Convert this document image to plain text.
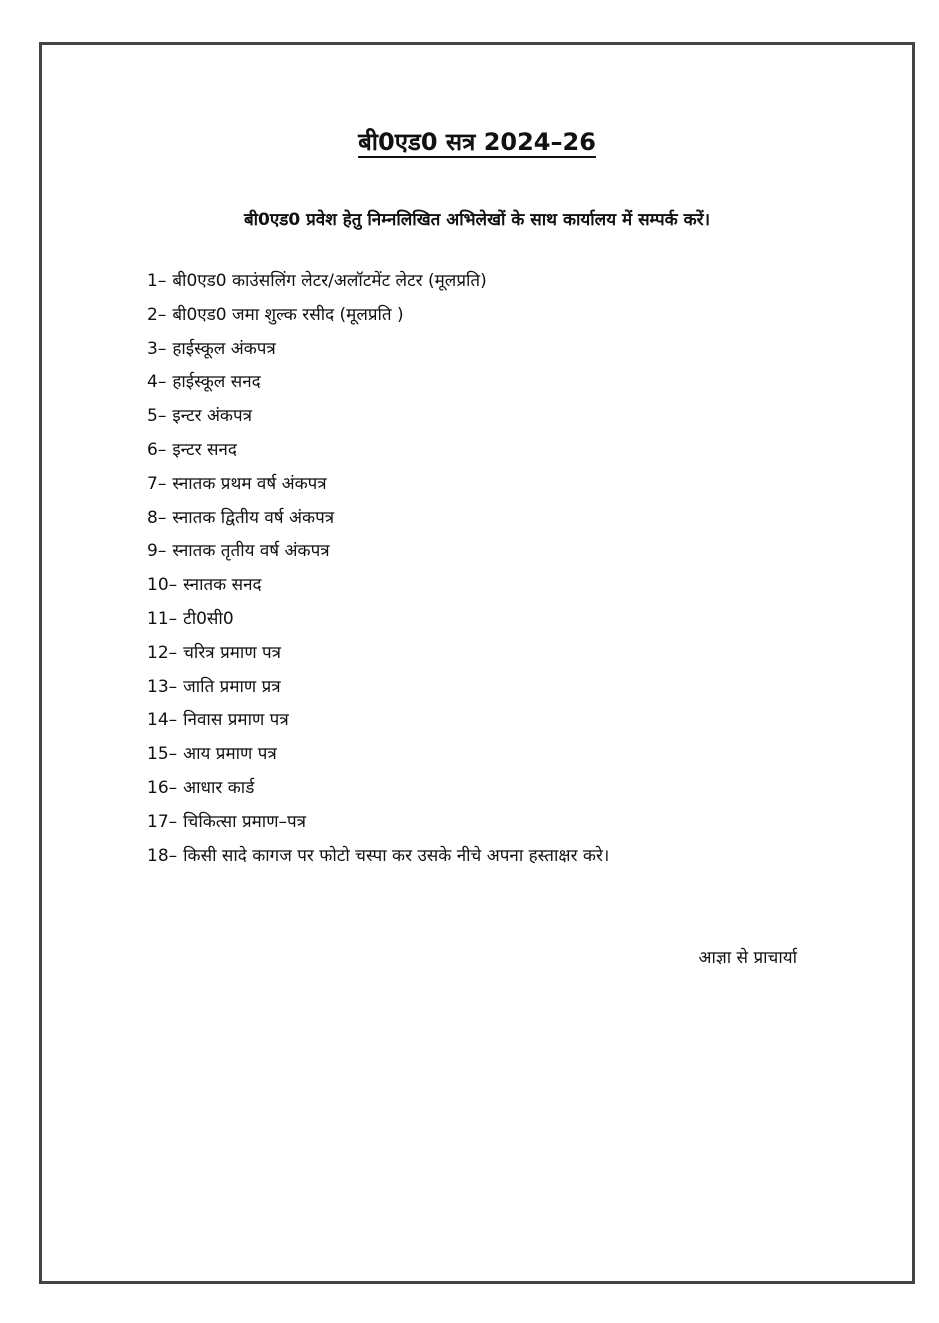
बी0एड0 सत्र 2024–26

बी0एड0 प्रवेश हेतु निम्नलिखित अभिलेखों के साथ कार्यालय में सम्पर्क करें।

1– बी0एड0 काउंसलिंग लेटर/अलॉटमेंट लेटर (मूलप्रति)
2– बी0एड0 जमा शुल्क रसीद (मूलप्रति )
3– हाईस्कूल अंकपत्र
4– हाईस्कूल सनद
5– इन्टर अंकपत्र
6– इन्टर सनद
7– स्नातक प्रथम वर्ष अंकपत्र
8– स्नातक द्वितीय वर्ष अंकपत्र
9– स्नातक तृतीय वर्ष अंकपत्र
10– स्नातक सनद
11– टी0सी0
12– चरित्र प्रमाण पत्र
13– जाति प्रमाण प्रत्र
14– निवास प्रमाण पत्र
15– आय प्रमाण पत्र
16– आधार कार्ड
17– चिकित्सा प्रमाण–पत्र
18– किसी सादे कागज पर फोटो चस्पा कर उसके नीचे अपना हस्ताक्षर करे।

आज्ञा से प्राचार्या
